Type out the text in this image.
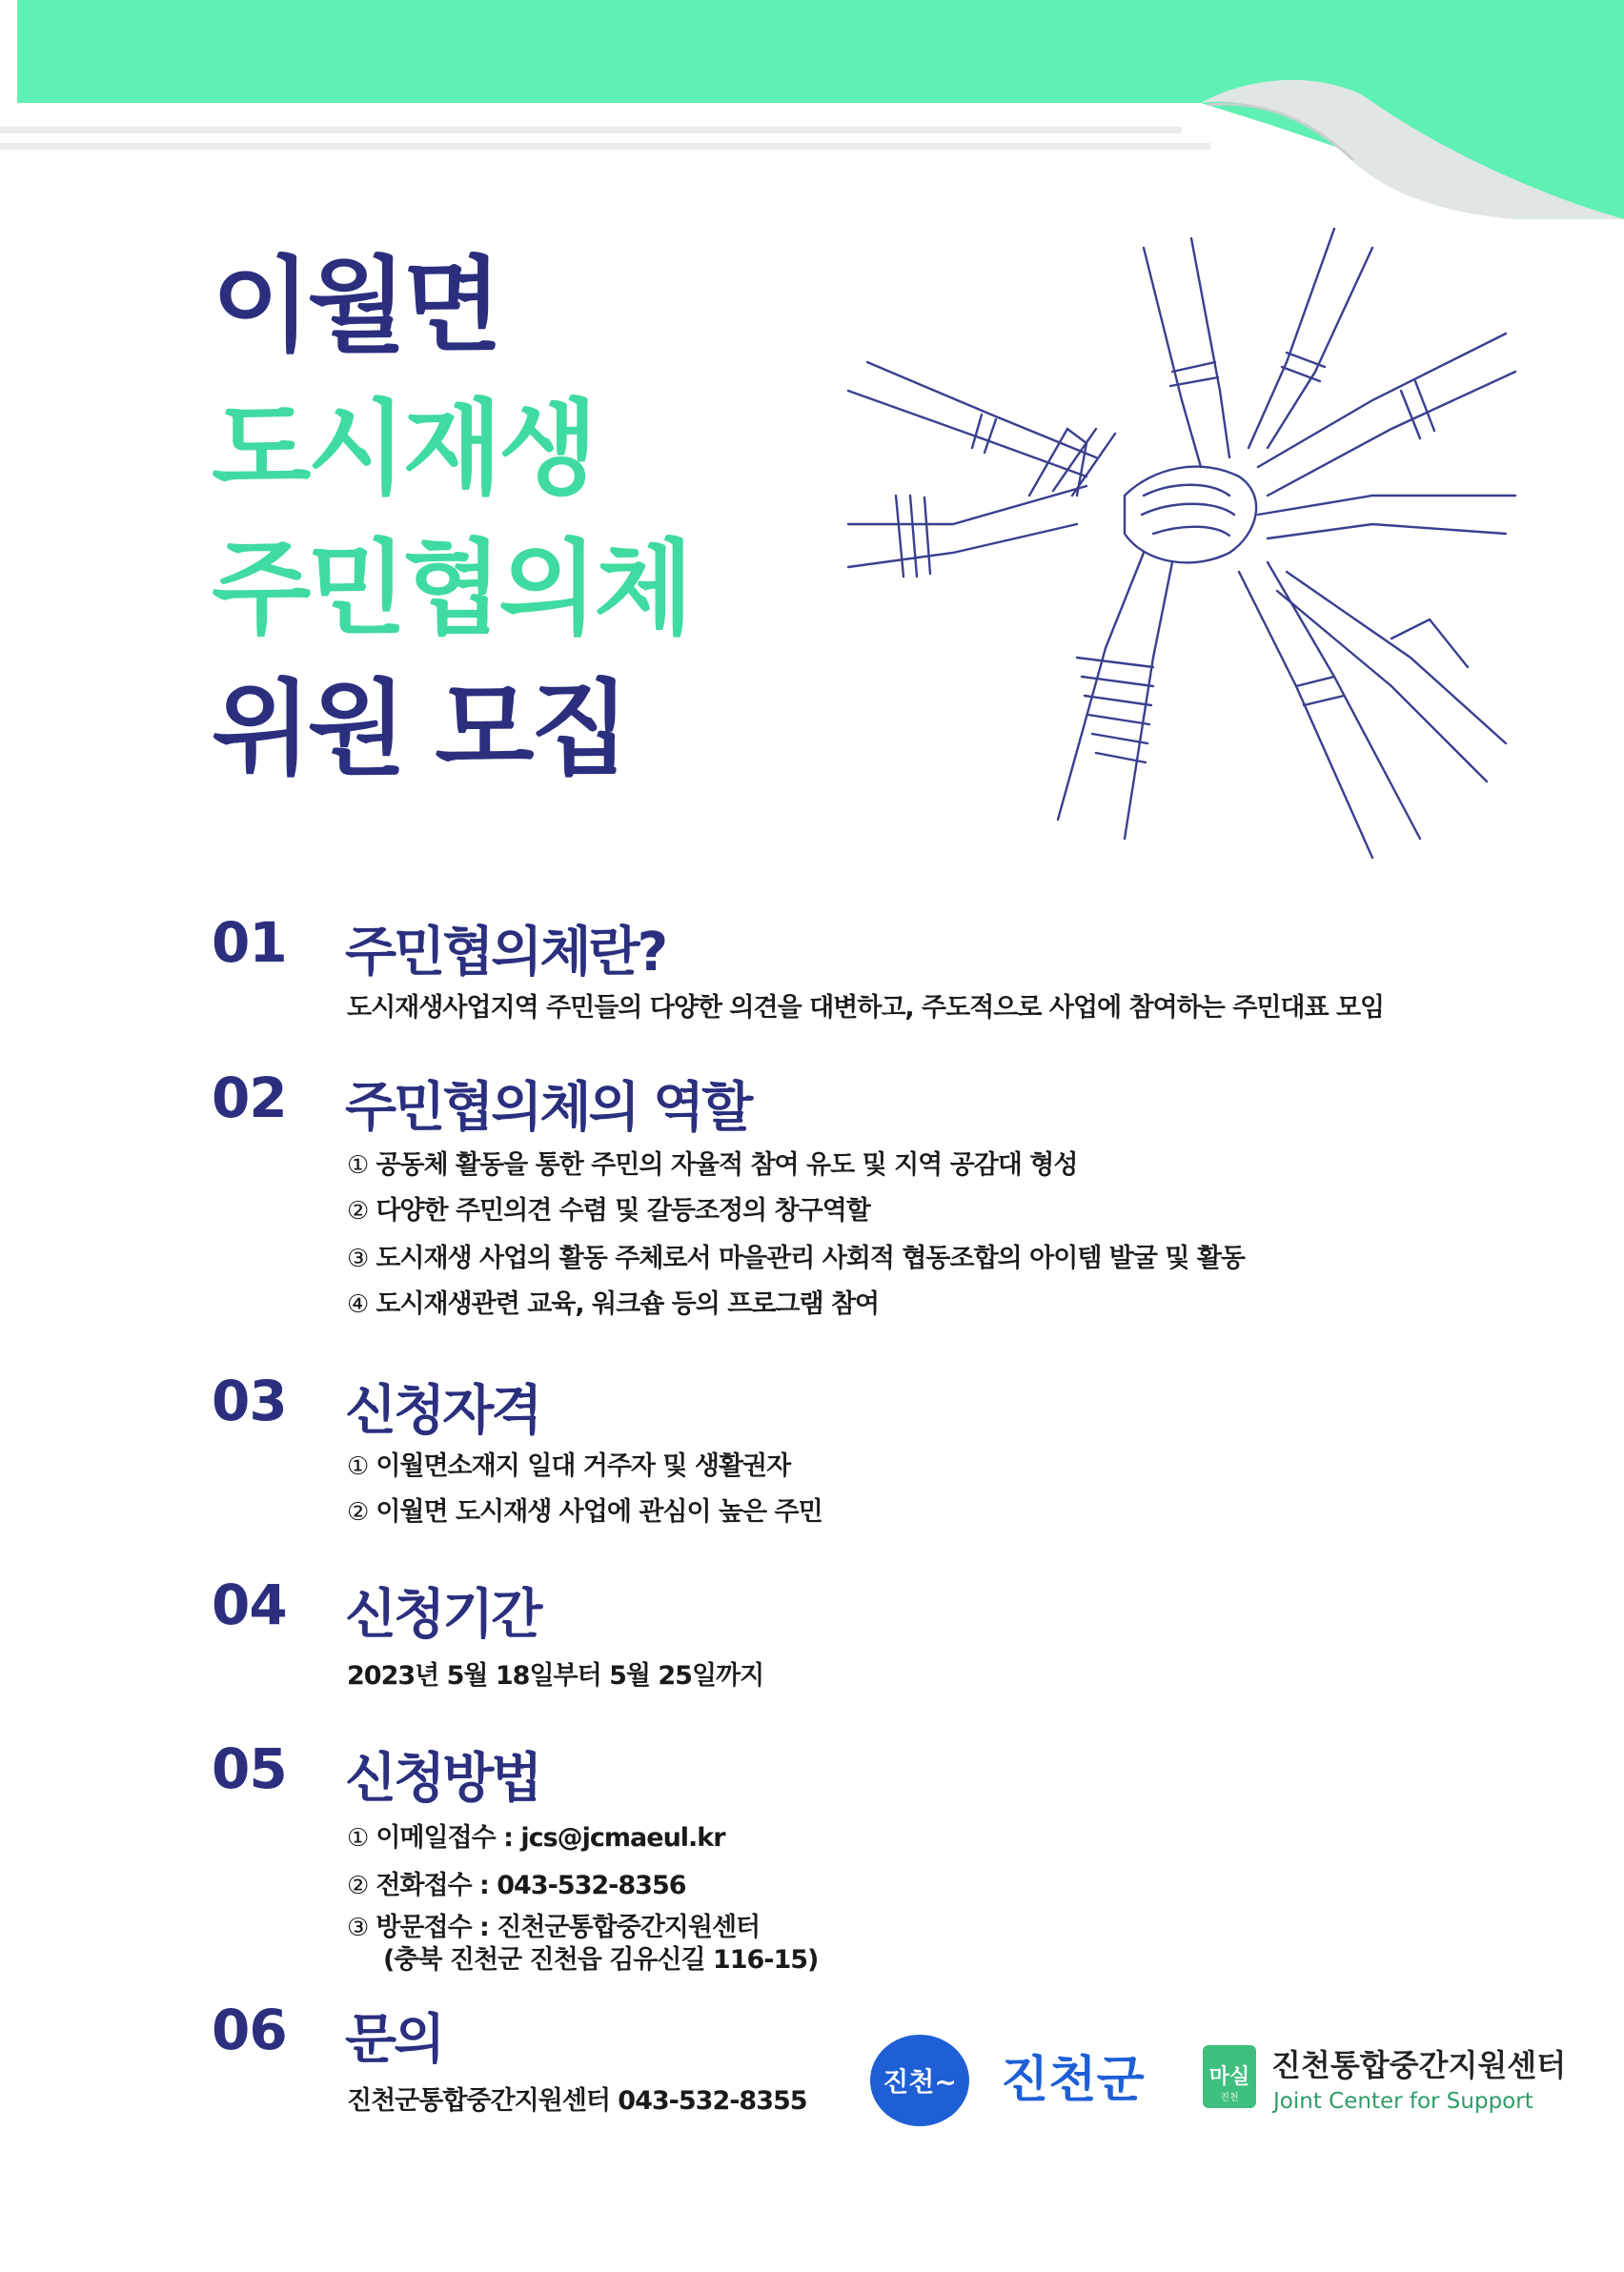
이월면
도시재생
주민협의체
위원 모집
01 주민협의체란?
도시재생사업지역 주민들의 다양한 의견을 대변하고, 주도적으로 사업에 참여하는 주민대표 모임
02 주민협의체의 역할
① 공동체 활동을 통한 주민의 자율적 참여 유도 및 지역 공감대 형성
② 다양한 주민의견 수렴 및 갈등조정의 창구역할
③ 도시재생 사업의 활동 주체로서 마을관리 사회적 협동조합의 아이템 발굴 및 활동
④ 도시재생관련 교육, 워크숍 등의 프로그램 참여
03 신청자격
① 이월면소재지 일대 거주자 및 생활권자
② 이월면 도시재생 사업에 관심이 높은 주민
04 신청기간
2023년 5월 18일부터 5월 25일까지
05 신청방법
① 이메일접수 : jcs@jcmaeul.kr
② 전화접수 : 043-532-8356
③ 방문접수 : 진천군통합중간지원센터
(충북 진천군 진천읍 김유신길 116-15)
06 문의
진천군통합중간지원센터 043-532-8355
진천~ 진천군	마실
진천
진천통합중간지원센터
Joint Center for Support
